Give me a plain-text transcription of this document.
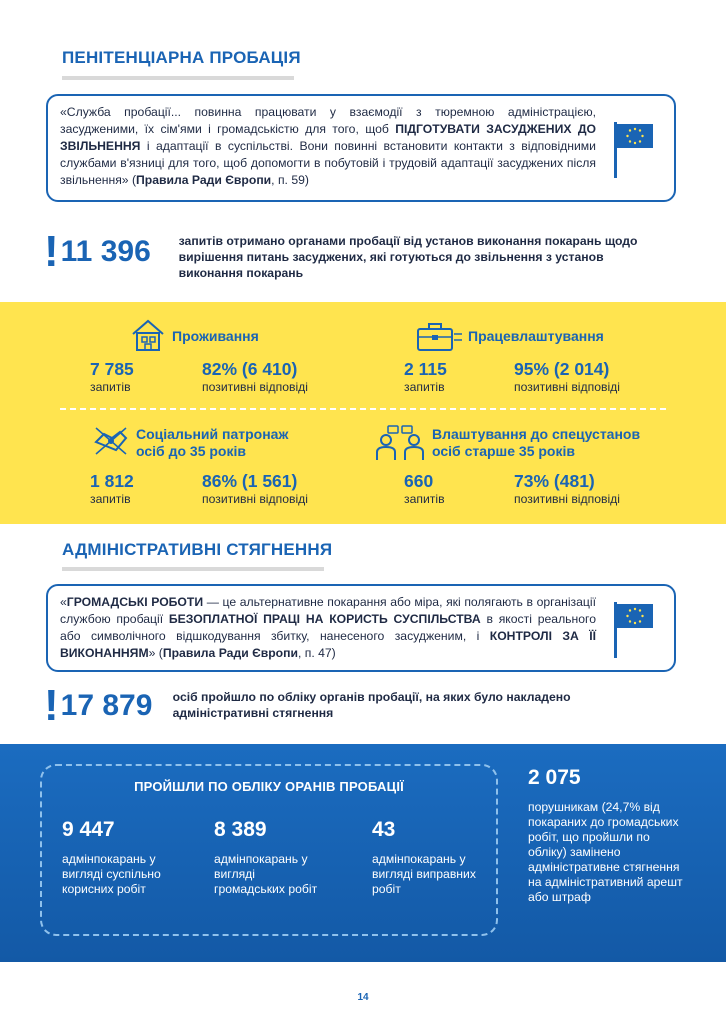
ПЕНІТЕНЦІАРНА ПРОБАЦІЯ
«Служба пробації... повинна працювати у взаємодії з тюремною адміністрацією, засудженими, їх сім'ями і громадськістю для того, щоб ПІДГОТУВАТИ ЗАСУДЖЕНИХ ДО ЗВІЛЬНЕННЯ і адаптації в суспільстві. Вони повинні встановити контакти з відповідними службами в'язниці для того, щоб допомогти в побутовій і трудовій адаптації засуджених після звільнення» (Правила Ради Європи, п. 59)
! 11 396	запитів отримано органами пробації від установ виконання покарань щодо вирішення питань засуджених, які готуються до звільнення з установ виконання покарань
Проживання
7 785
запитів
82% (6 410)
позитивні відповіді
Працевлаштування
2 115
запитів
95% (2 014)
позитивні відповіді
Соціальний патронаж осіб до 35 років
1 812
запитів
86% (1 561)
позитивні відповіді
Влаштування до спецустанов осіб старше 35 років
660
запитів
73% (481)
позитивні відповіді
АДМІНІСТРАТИВНІ СТЯГНЕННЯ
«ГРОМАДСЬКІ РОБОТИ — це альтернативне покарання або міра, які полягають в організації службою пробації БЕЗОПЛАТНОЇ ПРАЦІ НА КОРИСТЬ СУСПІЛЬСТВА в якості реального або символічного відшкодування збитку, нанесеного засудженим, і КОНТРОЛІ ЗА ЇЇ ВИКОНАННЯМ» (Правила Ради Європи, п. 47)
! 17 879	осіб пройшло по обліку органів пробації, на яких було накладено адміністративні стягнення
ПРОЙШЛИ ПО ОБЛІКУ ОРАНІВ ПРОБАЦІЇ
9 447
адмінпокарань у вигляді суспільно корисних робіт
8 389
адмінпокарань у вигляді громадських робіт
43
адмінпокарань у вигляді виправних робіт
2 075
порушникам (24,7% від покараних до громадських робіт, що пройшли по обліку) замінено адміністративне стягнення на адміністративний арешт або штраф
14
